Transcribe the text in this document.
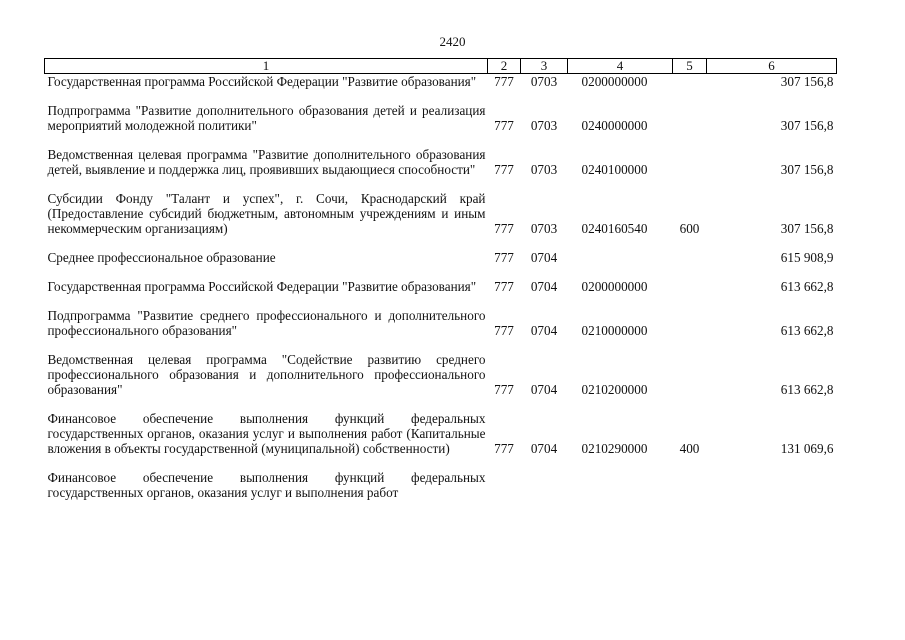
2420
1	2	3	4	5	6
Государственная программа Российской Федерации "Развитие образования"	777	0703	0200000000		307 156,8

Подпрограмма "Развитие дополнительного образования детей и реализация мероприятий молодежной политики"	777	0703	0240000000		307 156,8

Ведомственная целевая программа "Развитие дополнительного образования детей, выявление и поддержка лиц, проявивших выдающиеся способности"	777	0703	0240100000		307 156,8

Субсидии Фонду "Талант и успех", г. Сочи, Краснодарский край (Предоставление субсидий бюджетным, автономным учреждениям и иным некоммерческим организациям)	777	0703	0240160540	600	307 156,8

Среднее профессиональное образование	777	0704			615 908,9

Государственная программа Российской Федерации "Развитие образования"	777	0704	0200000000		613 662,8

Подпрограмма "Развитие среднего профессионального и дополнительного профессионального образования"	777	0704	0210000000		613 662,8

Ведомственная целевая программа "Содействие развитию среднего профессионального образования и дополнительного профессионального образования"	777	0704	0210200000		613 662,8

Финансовое обеспечение выполнения функций федеральных государственных органов, оказания услуг и выполнения работ (Капитальные вложения в объекты государственной (муниципальной) собственности)	777	0704	0210290000	400	131 069,6

Финансовое обеспечение выполнения функций федеральных государственных органов, оказания услуг и выполнения работ					
